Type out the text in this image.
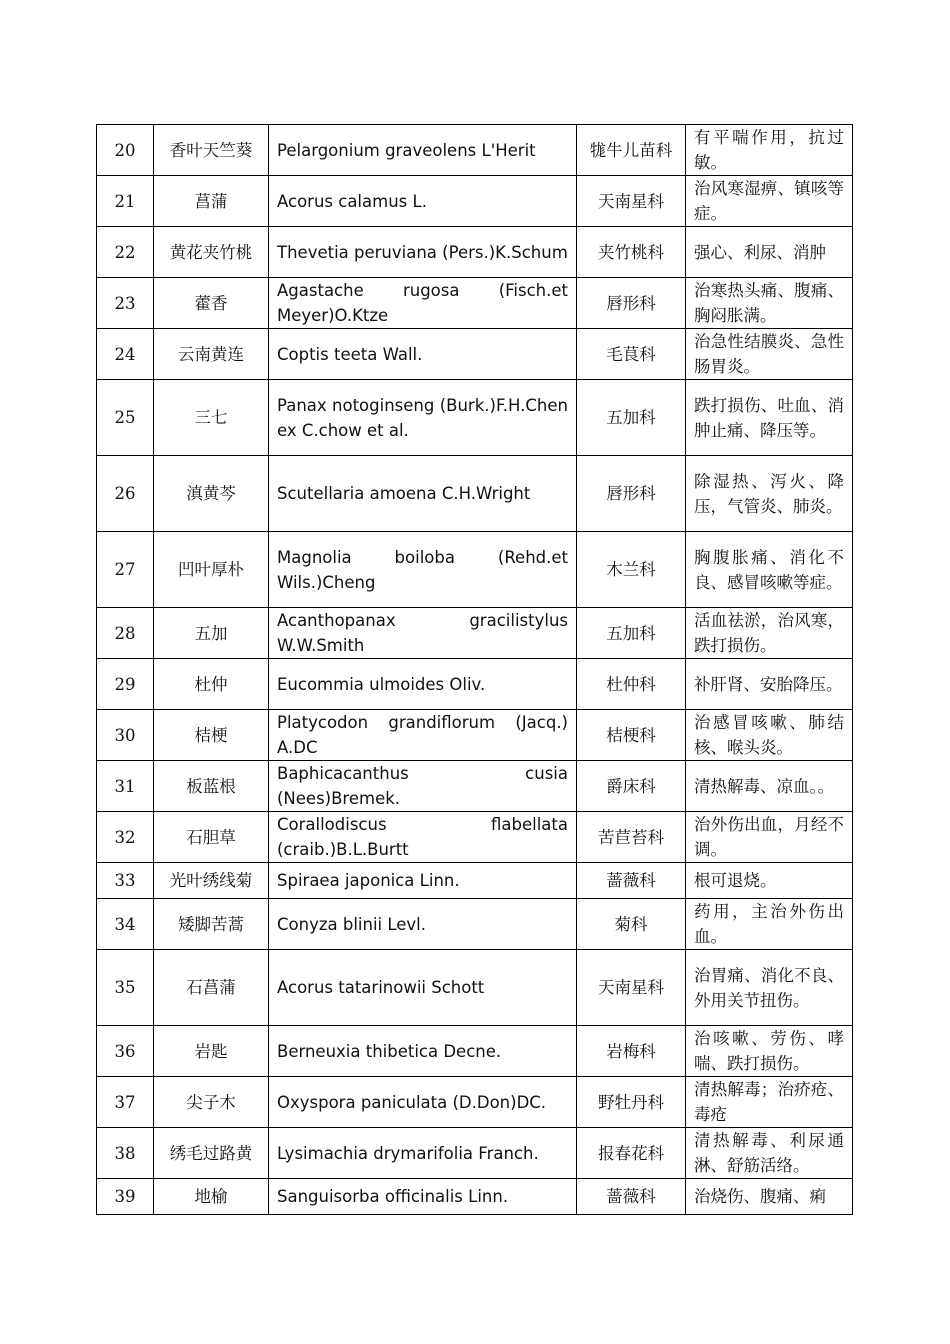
20	香叶天竺葵	Pelargonium graveolens L'Herit	牻牛儿苗科	有平喘作用，抗过敏。
21	菖蒲	Acorus calamus L.	天南星科	治风寒湿痹、镇咳等症。
22	黄花夹竹桃	Thevetia peruviana (Pers.)K.Schum	夹竹桃科	强心、利尿、消肿
23	藿香	Agastache rugosa (Fisch.et Meyer)O.Ktze	唇形科	治寒热头痛、腹痛、胸闷胀满。
24	云南黄连	Coptis teeta Wall.	毛茛科	治急性结膜炎、急性肠胃炎。
25	三七	Panax notoginseng (Burk.)F.H.Chen ex C.chow et al.	五加科	跌打损伤、吐血、消肿止痛、降压等。
26	滇黄芩	Scutellaria amoena C.H.Wright	唇形科	除湿热、泻火、降压，气管炎、肺炎。
27	凹叶厚朴	Magnolia boiloba (Rehd.et Wils.)Cheng	木兰科	胸腹胀痛、消化不良、感冒咳嗽等症。
28	五加	Acanthopanax gracilistylus W.W.Smith	五加科	活血祛淤，治风寒，跌打损伤。
29	杜仲	Eucommia ulmoides Oliv.	杜仲科	补肝肾、安胎降压。
30	桔梗	Platycodon grandiflorum (Jacq.) A.DC	桔梗科	治感冒咳嗽、肺结核、喉头炎。
31	板蓝根	Baphicacanthus cusia (Nees)Bremek.	爵床科	清热解毒、凉血。。
32	石胆草	Corallodiscus flabellata (craib.)B.L.Burtt	苦苣苔科	治外伤出血，月经不调。
33	光叶绣线菊	Spiraea japonica Linn.	蔷薇科	根可退烧。
34	矮脚苦蒿	Conyza blinii Levl.	菊科	药用，主治外伤出血。
35	石菖蒲	Acorus tatarinowii Schott	天南星科	治胃痛、消化不良、外用关节扭伤。
36	岩匙	Berneuxia thibetica Decne.	岩梅科	治咳嗽、劳伤、哮喘、跌打损伤。
37	尖子木	Oxyspora paniculata (D.Don)DC.	野牡丹科	清热解毒；治疥疮、毒疮
38	绣毛过路黄	Lysimachia drymarifolia Franch.	报春花科	清热解毒、利尿通淋、舒筋活络。
39	地榆	Sanguisorba officinalis Linn.	蔷薇科	治烧伤、腹痛、痢
